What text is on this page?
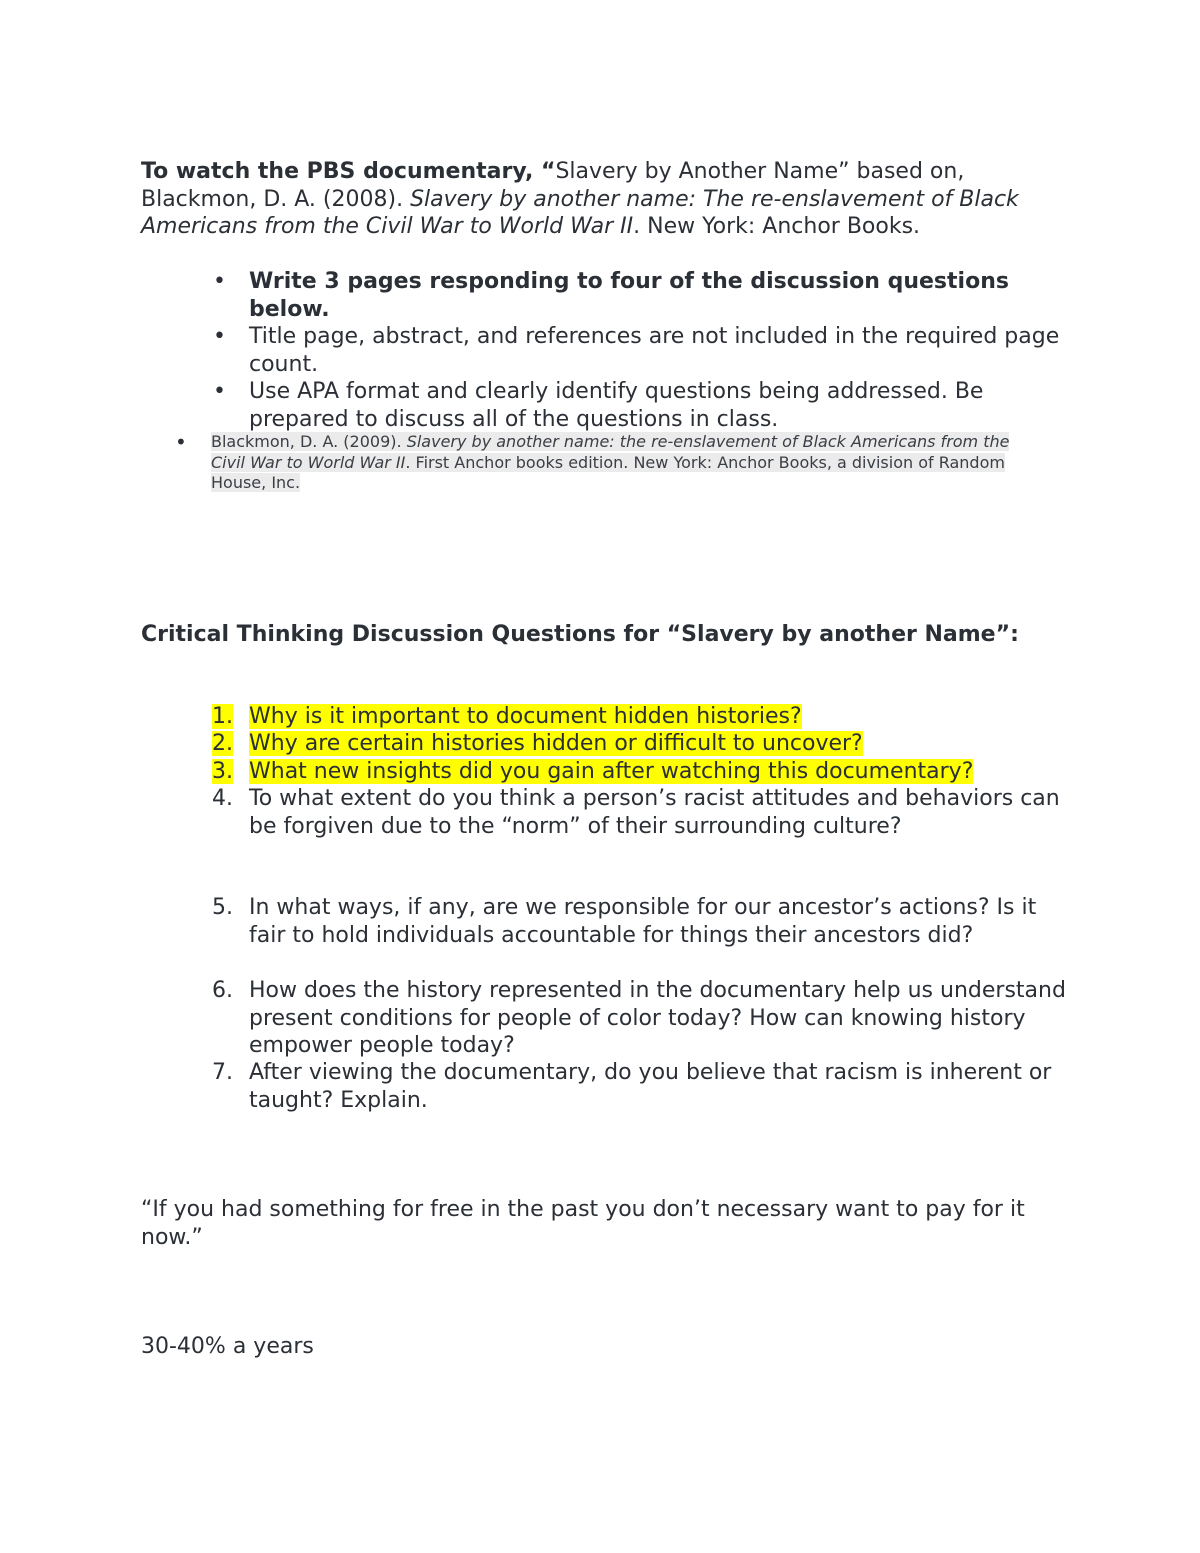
To watch the PBS documentary, “Slavery by Another Name” based on, Blackmon, D. A. (2008). Slavery by another name: The re-enslavement of Black Americans from the Civil War to World War II. New York: Anchor Books.
• Write 3 pages responding to four of the discussion questions below.
• Title page, abstract, and references are not included in the required page count.
• Use APA format and clearly identify questions being addressed. Be prepared to discuss all of the questions in class.
• Blackmon, D. A. (2009). Slavery by another name: the re-enslavement of Black Americans from the Civil War to World War II. First Anchor books edition. New York: Anchor Books, a division of Random House, Inc.
Critical Thinking Discussion Questions for “Slavery by another Name”:
1. Why is it important to document hidden histories?
2. Why are certain histories hidden or difficult to uncover?
3. What new insights did you gain after watching this documentary?
4. To what extent do you think a person’s racist attitudes and behaviors can be forgiven due to the “norm” of their surrounding culture?
5. In what ways, if any, are we responsible for our ancestor’s actions? Is it fair to hold individuals accountable for things their ancestors did?
6. How does the history represented in the documentary help us understand present conditions for people of color today? How can knowing history empower people today?
7. After viewing the documentary, do you believe that racism is inherent or taught? Explain.
“If you had something for free in the past you don’t necessary want to pay for it now.”
30-40% a years
